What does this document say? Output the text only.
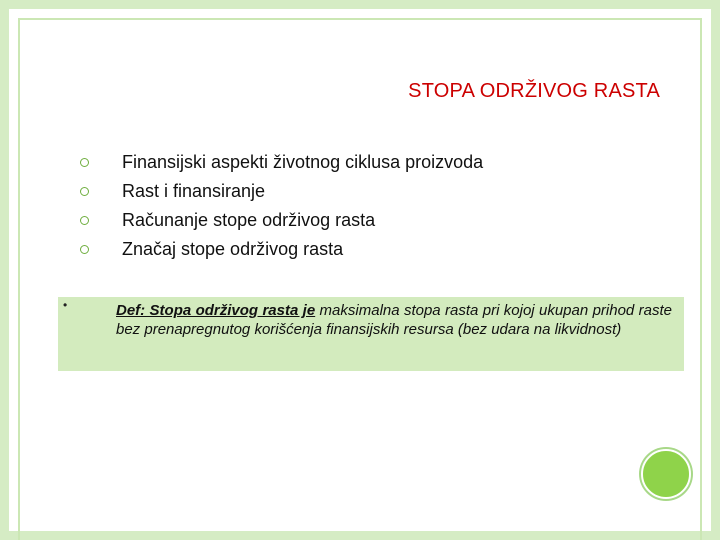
STOPA ODRŽIVOG RASTA
Finansijski aspekti životnog ciklusa proizvoda
Rast i finansiranje
Računanje stope održivog rasta
Značaj stope održivog rasta
•	Def: Stopa održivog rasta je maksimalna stopa rasta pri kojoj ukupan prihod raste bez prenapregnutog korišćenja finansijskih resursa (bez udara na likvidnost)
